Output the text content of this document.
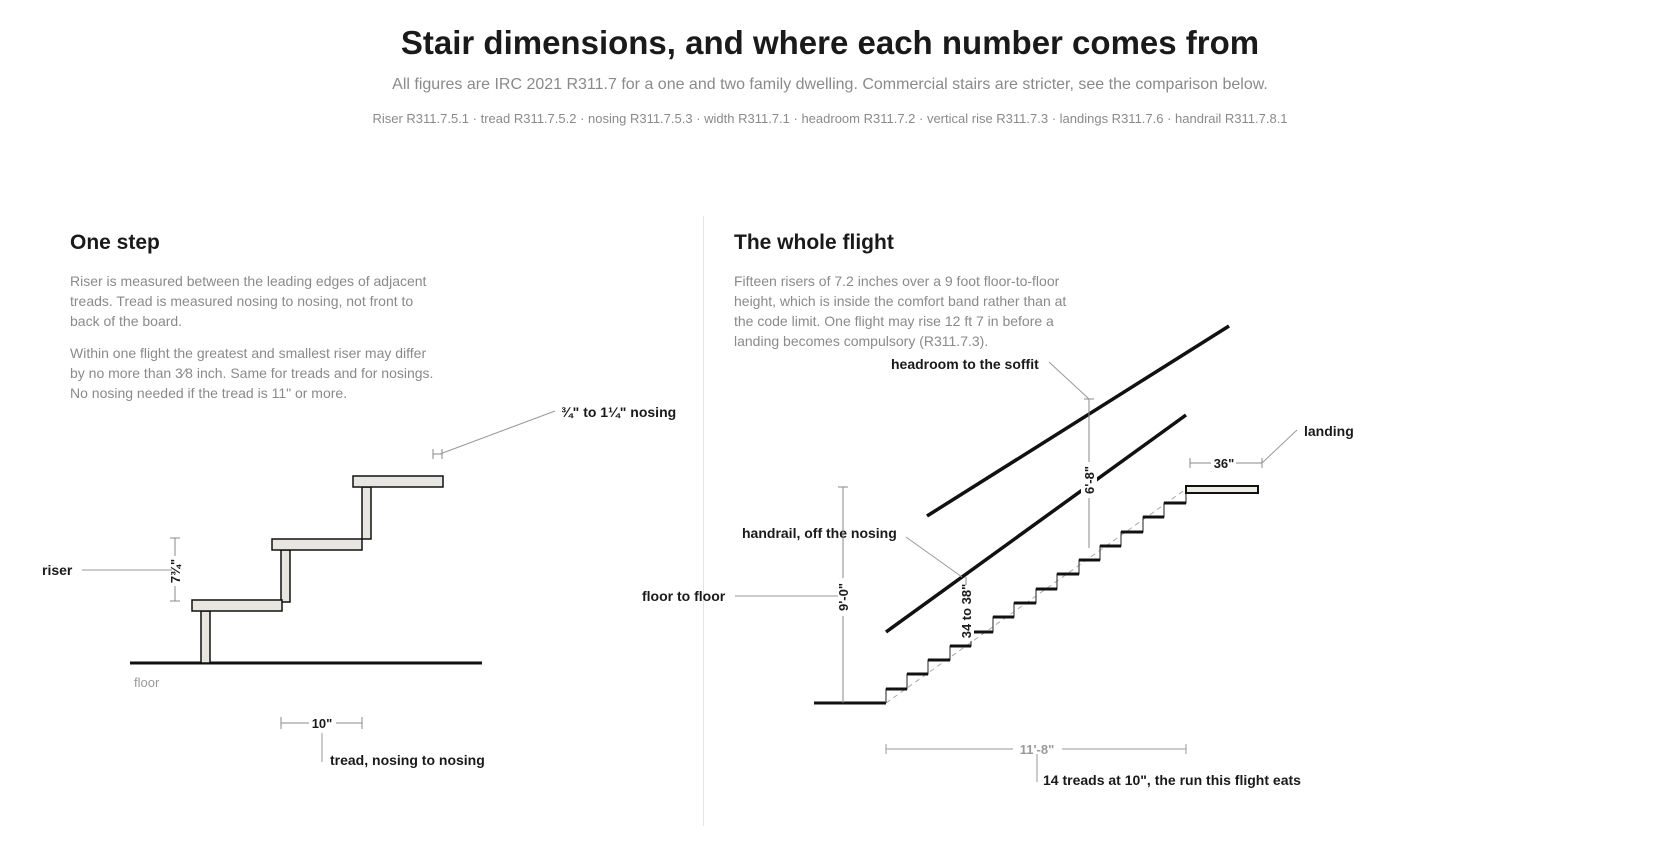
Stair dimensions, and where each number comes from
All figures are IRC 2021 R311.7 for a one and two family dwelling. Commercial stairs are stricter, see the comparison below.
Riser R311.7.5.1 · tread R311.7.5.2 · nosing R311.7.5.3 · width R311.7.1 · headroom R311.7.2 · vertical rise R311.7.3 · landings R311.7.6 · handrail R311.7.8.1
One step

Riser is measured between the leading edges of adjacent treads. Tread is measured nosing to nosing, not front to back of the board.

Within one flight the greatest and smallest riser may differ by no more than 3⁄8 inch. Same for treads and for nosings. No nosing needed if the tread is 11" or more.

The whole flight

Fifteen risers of 7.2 inches over a 9 foot floor-to-floor height, which is inside the comfort band rather than at the code limit. One flight may rise 12 ft 7 in before a landing becomes compulsory (R311.7.3).

¾" to 1¼" nosing
7¾"
riser
floor
10"
tread, nosing to nosing
6'-8"
headroom to the soffit
36"
landing
34 to 38"
handrail, off the nosing
9'-0"
floor to floor
11'-8"
14 treads at 10", the run this flight eats
